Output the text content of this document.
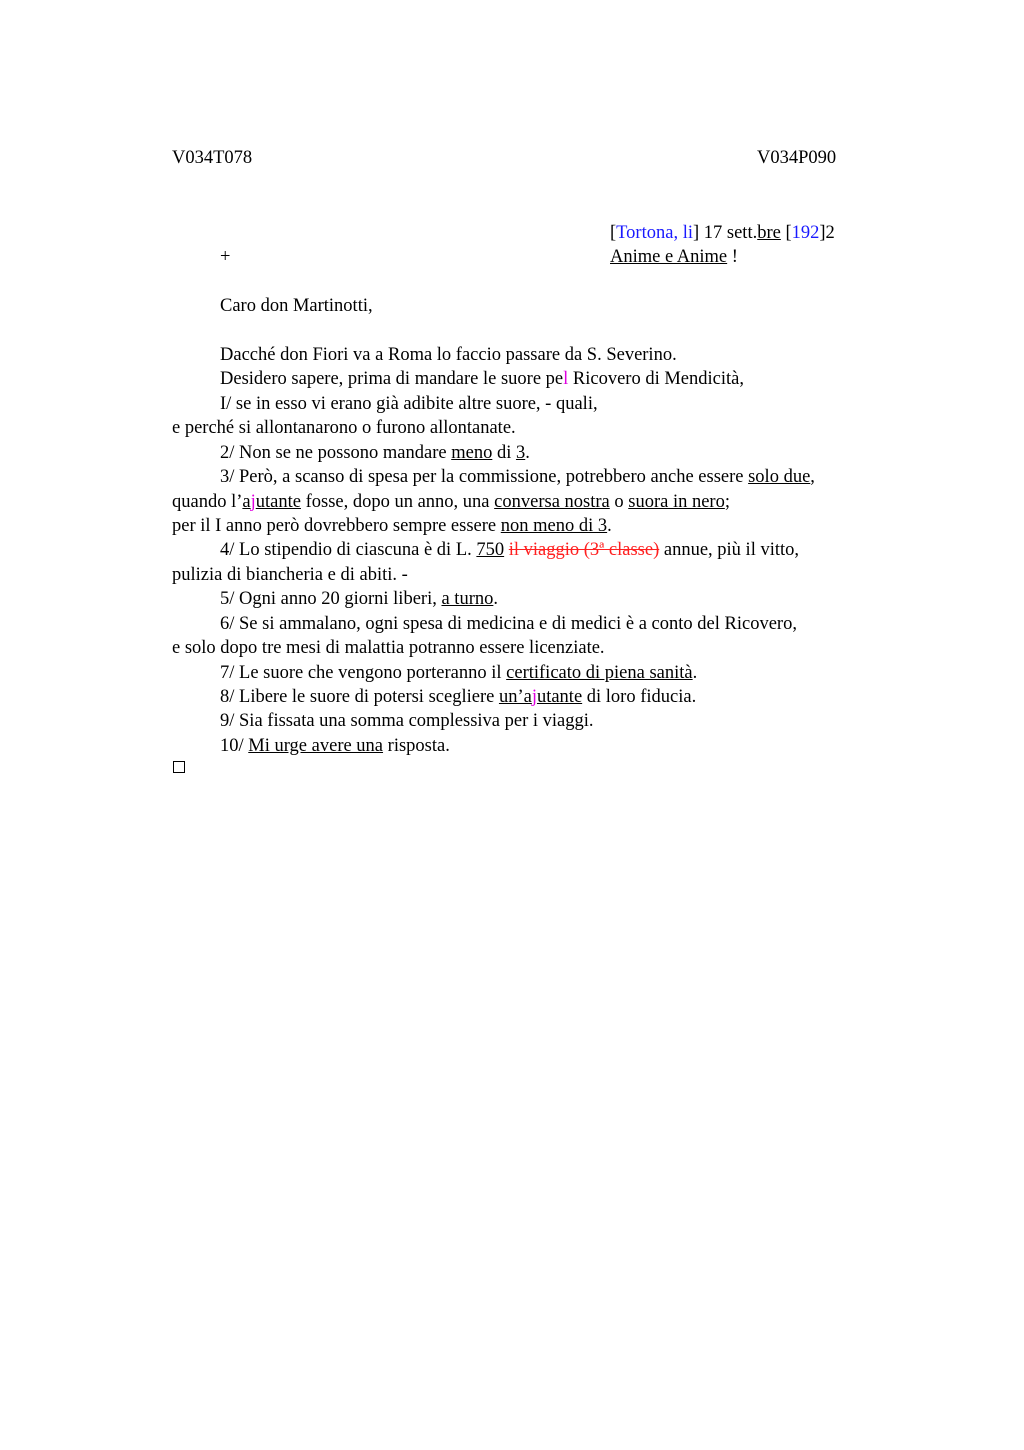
V034T078	V034P090
[Tortona, li] 17 sett.bre [192]2
+	Anime e Anime !
Caro don Martinotti,
Dacché don Fiori va a Roma lo faccio passare da S. Severino.
Desidero sapere, prima di mandare le suore pel Ricovero di Mendicità,
I/ se in esso vi erano già adibite altre suore, - quali,
e perché si allontanarono o furono allontanate.
2/ Non se ne possono mandare meno di 3.
3/ Però, a scanso di spesa per la commissione, potrebbero anche essere solo due,
quando l’ajutante fosse, dopo un anno, una conversa nostra o suora in nero;
per il I anno però dovrebbero sempre essere non meno di 3.
4/ Lo stipendio di ciascuna è di L. 750 il viaggio (3ª classe) annue, più il vitto,
pulizia di biancheria e di abiti. -
5/ Ogni anno 20 giorni liberi, a turno.
6/ Se si ammalano, ogni spesa di medicina e di medici è a conto del Ricovero,
e solo dopo tre mesi di malattia potranno essere licenziate.
7/ Le suore che vengono porteranno il certificato di piena sanità.
8/ Libere le suore di potersi scegliere un’ajutante di loro fiducia.
9/ Sia fissata una somma complessiva per i viaggi.
10/ Mi urge avere una risposta.
